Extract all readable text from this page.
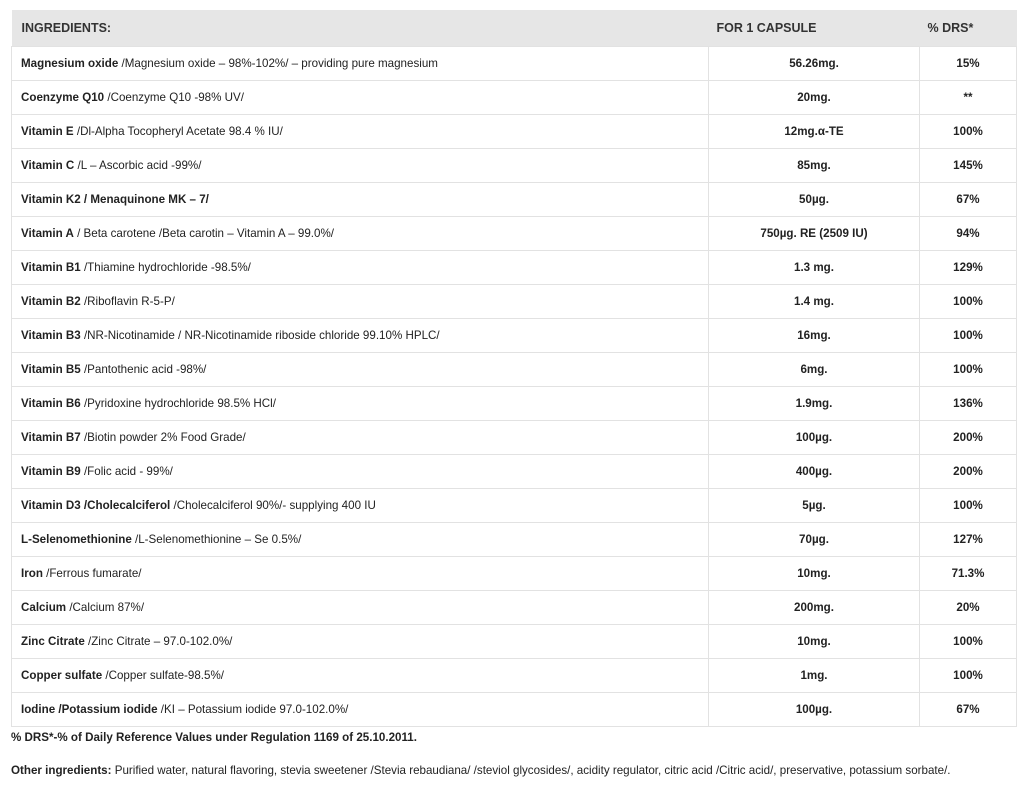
INGREDIENTS:	FOR 1 CAPSULE	% DRS*
Magnesium oxide /Magnesium oxide – 98%-102%/ – providing pure magnesium	56.26mg.	15%
Coenzyme Q10 /Coenzyme Q10 -98% UV/	20mg.	**
Vitamin E /Dl-Alpha Tocopheryl Acetate 98.4 % IU/	12mg.α-TE	100%
Vitamin C /L – Ascorbic acid -99%/	85mg.	145%
Vitamin K2 / Menaquinone MK – 7/	50µg.	67%
Vitamin A / Beta carotene /Beta carotin – Vitamin A – 99.0%/	750µg. RE (2509 IU)	94%
Vitamin B1 /Thiamine hydrochloride -98.5%/	1.3 mg.	129%
Vitamin B2 /Riboflavin R-5-P/	1.4 mg.	100%
Vitamin B3 /NR-Nicotinamide / NR-Nicotinamide riboside chloride 99.10% HPLC/	16mg.	100%
Vitamin B5 /Pantothenic acid -98%/	6mg.	100%
Vitamin B6 /Pyridoxine hydrochloride 98.5% HCl/	1.9mg.	136%
Vitamin B7 /Biotin powder 2% Food Grade/	100µg.	200%
Vitamin B9 /Folic acid - 99%/	400µg.	200%
Vitamin D3 /Cholecalciferol /Cholecalciferol 90%/- supplying 400 IU	5µg.	100%
L-Selenomethionine /L-Selenomethionine – Se 0.5%/	70µg.	127%
Iron /Ferrous fumarate/	10mg.	71.3%
Calcium /Calcium 87%/	200mg.	20%
Zinc Citrate /Zinc Citrate – 97.0-102.0%/	10mg.	100%
Copper sulfate /Copper sulfate-98.5%/	1mg.	100%
Iodine /Potassium iodide /KI – Potassium iodide 97.0-102.0%/	100µg.	67%
% DRS*-% of Daily Reference Values under Regulation 1169 of 25.10.2011.
Other ingredients: Purified water, natural flavoring, stevia sweetener /Stevia rebaudiana/ /steviol glycosides/, acidity regulator, citric acid /Citric acid/, preservative, potassium sorbate/.
